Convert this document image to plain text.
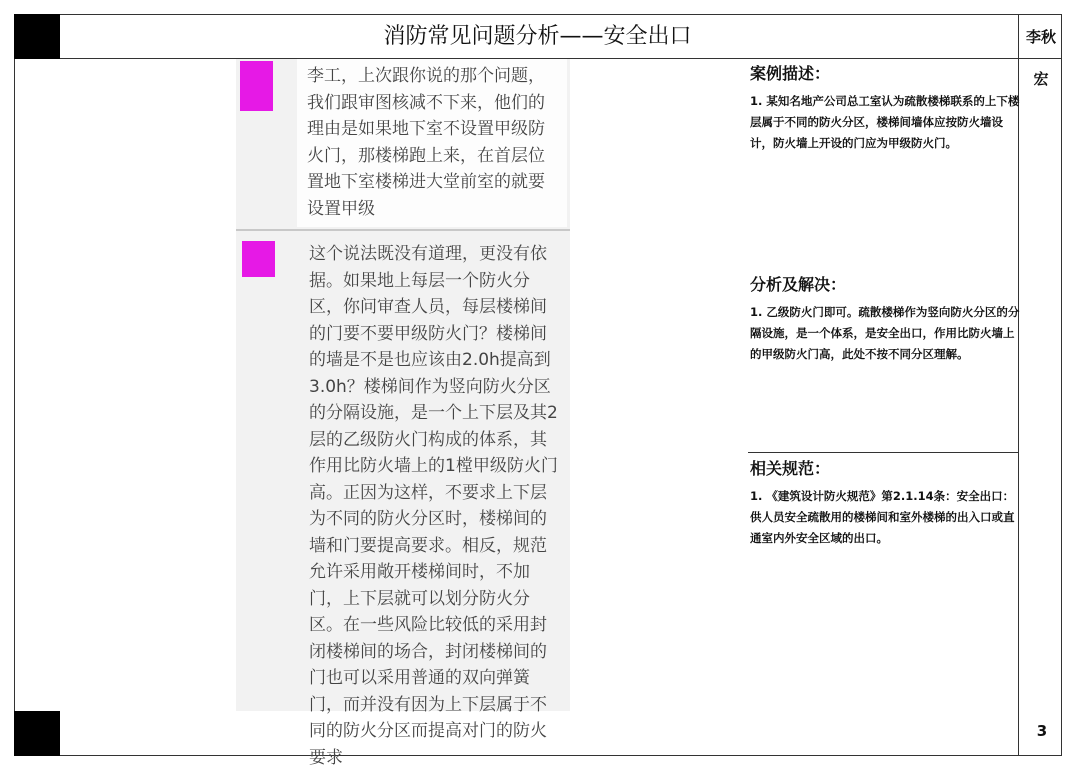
消防常见问题分析——安全出口	李秋宏
李工，上次跟你说的那个问题，我们跟审图核减不下来，他们的理由是如果地下室不设置甲级防火门，那楼梯跑上来，在首层位置地下室楼梯进大堂前室的就要设置甲级
这个说法既没有道理，更没有依据。如果地上每层一个防火分区，你问审查人员，每层楼梯间的门要不要甲级防火门？楼梯间的墙是不是也应该由2.0h提高到3.0h？楼梯间作为竖向防火分区的分隔设施，是一个上下层及其2层的乙级防火门构成的体系，其作用比防火墙上的1樘甲级防火门高。正因为这样，不要求上下层为不同的防火分区时，楼梯间的墙和门要提高要求。相反，规范允许采用敞开楼梯间时，不加门，上下层就可以划分防火分区。在一些风险比较低的采用封闭楼梯间的场合，封闭楼梯间的门也可以采用普通的双向弹簧门，而并没有因为上下层属于不同的防火分区而提高对门的防火要求
案例描述：

1. 某知名地产公司总工室认为疏散楼梯联系的上下楼层属于不同的防火分区，楼梯间墙体应按防火墙设计，防火墙上开设的门应为甲级防火门。

分析及解决：

1. 乙级防火门即可。疏散楼梯作为竖向防火分区的分隔设施，是一个体系，是安全出口，作用比防火墙上的甲级防火门高，此处不按不同分区理解。

相关规范：

1. 《建筑设计防火规范》第2.1.14条：安全出口：供人员安全疏散用的楼梯间和室外楼梯的出入口或直通室内外安全区域的出口。

3
